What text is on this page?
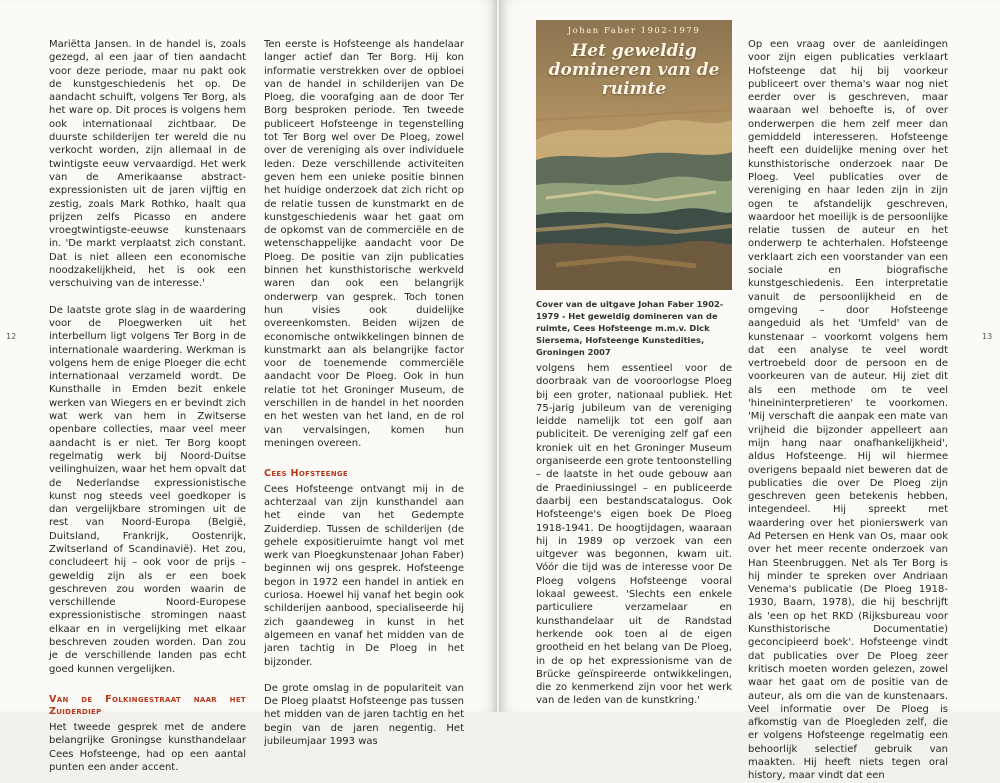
12

Mariëtta Jansen. In de handel is, zoals gezegd, al een jaar of tien aandacht voor deze periode, maar nu pakt ook de kunstgeschiedenis het op. De aandacht schuift, volgens Ter Borg, als het ware op. Dit proces is volgens hem ook internationaal zichtbaar. De duurste schilderijen ter wereld die nu verkocht worden, zijn allemaal in de twintigste eeuw vervaardigd. Het werk van de Amerikaanse abstract-expressionisten uit de jaren vijftig en zestig, zoals Mark Rothko, haalt qua prijzen zelfs Picasso en andere vroegtwintigste-eeuwse kunstenaars in. 'De markt verplaatst zich constant. Dat is niet alleen een economische noodzakelijkheid, het is ook een verschuiving van de interesse.'

De laatste grote slag in de waardering voor de Ploegwerken uit het interbellum ligt volgens Ter Borg in de internationale waardering. Werkman is volgens hem de enige Ploeger die echt internationaal verzameld wordt. De Kunsthalle in Emden bezit enkele werken van Wiegers en er bevindt zich wat werk van hem in Zwitserse openbare collecties, maar veel meer aandacht is er niet. Ter Borg koopt regelmatig werk bij Noord-Duitse veilinghuizen, waar het hem opvalt dat de Nederlandse expressionistische kunst nog steeds veel goedkoper is dan vergelijkbare stromingen uit de rest van Noord-Europa (België, Duitsland, Frankrijk, Oostenrijk, Zwitserland of Scandinavië). Het zou, concludeert hij – ook voor de prijs – geweldig zijn als er een boek geschreven zou worden waarin de verschillende Noord-Europese expressionistische stromingen naast elkaar en in vergelijking met elkaar beschreven zouden worden. Dan zou je de verschillende landen pas echt goed kunnen vergelijken.

Van de Folkingestraat naar het Zuiderdiep

Het tweede gesprek met de andere belangrijke Groningse kunsthandelaar Cees Hofsteenge, had op een aantal punten een ander accent.

Ten eerste is Hofsteenge als handelaar langer actief dan Ter Borg. Hij kon informatie verstrekken over de opbloei van de handel in schilderijen van De Ploeg, die voorafging aan de door Ter Borg besproken periode. Ten tweede publiceert Hofsteenge in tegenstelling tot Ter Borg wel over De Ploeg, zowel over de vereniging als over individuele leden. Deze verschillende activiteiten geven hem een unieke positie binnen het huidige onderzoek dat zich richt op de relatie tussen de kunstmarkt en de kunstgeschiedenis waar het gaat om de opkomst van de commerciële en de wetenschappelijke aandacht voor De Ploeg. De positie van zijn publicaties binnen het kunsthistorische werkveld waren dan ook een belangrijk onderwerp van gesprek. Toch tonen hun visies ook duidelijke overeenkomsten. Beiden wijzen de economische ontwikkelingen binnen de kunstmarkt aan als belangrijke factor voor de toenemende commerciële aandacht voor De Ploeg. Ook in hun relatie tot het Groninger Museum, de verschillen in de handel in het noorden en het westen van het land, en de rol van vervalsingen, komen hun meningen overeen.

Cees Hofsteenge

Cees Hofsteenge ontvangt mij in de achterzaal van zijn kunsthandel aan het einde van het Gedempte Zuiderdiep. Tussen de schilderijen (de gehele expositieruimte hangt vol met werk van Ploegkunstenaar Johan Faber) beginnen wij ons gesprek. Hofsteenge begon in 1972 een handel in antiek en curiosa. Hoewel hij vanaf het begin ook schilderijen aanbood, specialiseerde hij zich gaandeweg in kunst in het algemeen en vanaf het midden van de jaren tachtig in De Ploeg in het bijzonder.

De grote omslag in de populariteit van De Ploeg plaatst Hofsteenge pas tussen het midden van de jaren tachtig en het begin van de jaren negentig. Het jubileumjaar 1993 was

Johan Faber 1902-1979
Het geweldig domineren van de ruimte
Cover van de uitgave Johan Faber 1902-1979 - Het geweldig domineren van de ruimte, Cees Hofsteenge m.m.v. Dick Siersema, Hofsteenge Kunstedities, Groningen 2007

volgens hem essentieel voor de doorbraak van de vooroorlogse Ploeg bij een groter, nationaal publiek. Het 75-jarig jubileum van de vereniging leidde namelijk tot een golf aan publiciteit. De vereniging zelf gaf een kroniek uit en het Groninger Museum organiseerde een grote tentoonstelling – de laatste in het oude gebouw aan de Praediniussingel – en publiceerde daarbij een bestandscatalogus. Ook Hofsteenge's eigen boek De Ploeg 1918-1941. De hoogtijdagen, waaraan hij in 1989 op verzoek van een uitgever was begonnen, kwam uit. Vóór die tijd was de interesse voor De Ploeg volgens Hofsteenge vooral lokaal geweest. 'Slechts een enkele particuliere verzamelaar en kunsthandelaar uit de Randstad herkende ook toen al de eigen grootheid en het belang van De Ploeg, in de op het expressionisme van de Brücke geïnspireerde ontwikkelingen, die zo kenmerkend zijn voor het werk van de leden van de kunstkring.'

Op een vraag over de aanleidingen voor zijn eigen publicaties verklaart Hofsteenge dat hij bij voorkeur publiceert over thema's waar nog niet eerder over is geschreven, maar waaraan wel behoefte is, of over onderwerpen die hem zelf meer dan gemiddeld interesseren. Hofsteenge heeft een duidelijke mening over het kunsthistorische onderzoek naar De Ploeg. Veel publicaties over de vereniging en haar leden zijn in zijn ogen te afstandelijk geschreven, waardoor het moeilijk is de persoonlijke relatie tussen de auteur en het onderwerp te achterhalen. Hofsteenge verklaart zich een voorstander van een sociale en biografische kunstgeschiedenis. Een interpretatie vanuit de persoonlijkheid en de omgeving – door Hofsteenge aangeduid als het 'Umfeld' van de kunstenaar – voorkomt volgens hem dat een analyse te veel wordt vertroebeld door de persoon en de voorkeuren van de auteur. Hij ziet dit als een methode om te veel 'hineininterpretieren' te voorkomen. 'Mij verschaft die aanpak een mate van vrijheid die bijzonder appelleert aan mijn hang naar onafhankelijkheid', aldus Hofsteenge. Hij wil hiermee overigens bepaald niet beweren dat de publicaties die over De Ploeg zijn geschreven geen betekenis hebben, integendeel. Hij spreekt met waardering over het pionierswerk van Ad Petersen en Henk van Os, maar ook over het meer recente onderzoek van Han Steenbruggen. Net als Ter Borg is hij minder te spreken over Andriaan Venema's publicatie (De Ploeg 1918-1930, Baarn, 1978), die hij beschrijft als 'een op het RKD (Rijksbureau voor Kunsthistorische Documentatie) geconcipieerd boek'. Hofsteenge vindt dat publicaties over De Ploeg zeer kritisch moeten worden gelezen, zowel waar het gaat om de positie van de auteur, als om die van de kunstenaars. Veel informatie over De Ploeg is afkomstig van de Ploegleden zelf, die er volgens Hofsteenge regelmatig een behoorlijk selectief gebruik van maakten. Hij heeft niets tegen oral history, maar vindt dat een

13
